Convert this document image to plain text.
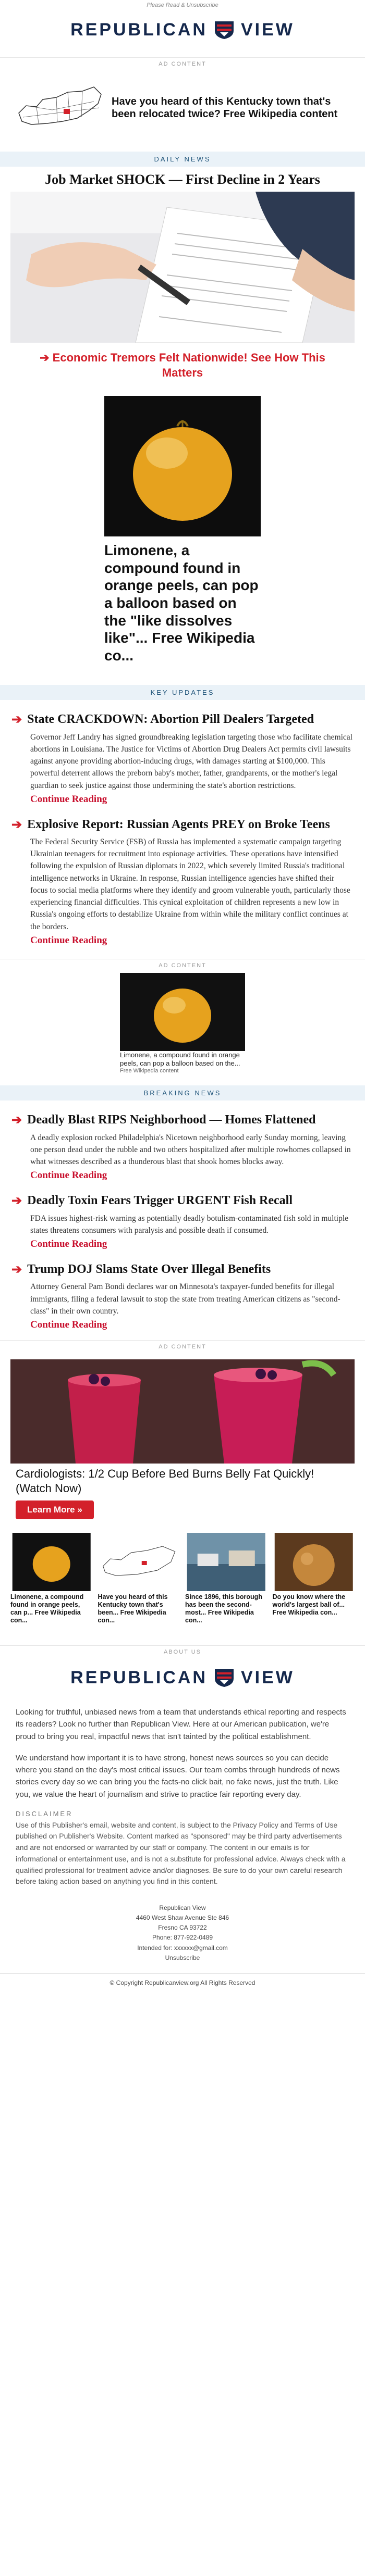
Please Read & Unsubscribe
REPUBLICAN VIEW
AD CONTENT
Have you heard of this Kentucky town that's been relocated twice? Free Wikipedia content
DAILY NEWS
Job Market SHOCK — First Decline in 2 Years
➔ Economic Tremors Felt Nationwide! See How This Matters
Limonene, a compound found in orange peels, can pop a balloon based on the "like dissolves like"... Free Wikipedia co...
KEY UPDATES
➔ State CRACKDOWN: Abortion Pill Dealers Targeted

Governor Jeff Landry has signed groundbreaking legislation targeting those who facilitate chemical abortions in Louisiana. The Justice for Victims of Abortion Drug Dealers Act permits civil lawsuits against anyone providing abortion-inducing drugs, with damages starting at $100,000. This powerful deterrent allows the preborn baby's mother, father, grandparents, or the mother's legal guardian to seek justice against those undermining the state's abortion restrictions.

Continue Reading
➔ Explosive Report: Russian Agents PREY on Broke Teens

The Federal Security Service (FSB) of Russia has implemented a systematic campaign targeting Ukrainian teenagers for recruitment into espionage activities. These operations have intensified following the expulsion of Russian diplomats in 2022, which severely limited Russia's traditional intelligence networks in Ukraine. In response, Russian intelligence agencies have shifted their focus to social media platforms where they identify and groom vulnerable youth, particularly those experiencing financial difficulties. This cynical exploitation of children represents a new low in Russia's ongoing efforts to destabilize Ukraine from within while the military conflict continues at the borders.

Continue Reading
AD CONTENT
Limonene, a compound found in orange peels, can pop a balloon based on the...
Free Wikipedia content
BREAKING NEWS
➔ Deadly Blast RIPS Neighborhood — Homes Flattened

A deadly explosion rocked Philadelphia's Nicetown neighborhood early Sunday morning, leaving one person dead under the rubble and two others hospitalized after multiple rowhomes collapsed in what witnesses described as a thunderous blast that shook homes blocks away.

Continue Reading
➔ Deadly Toxin Fears Trigger URGENT Fish Recall

FDA issues highest-risk warning as potentially deadly botulism-contaminated fish sold in multiple states threatens consumers with paralysis and possible death if consumed.

Continue Reading
➔ Trump DOJ Slams State Over Illegal Benefits

Attorney General Pam Bondi declares war on Minnesota's taxpayer-funded benefits for illegal immigrants, filing a federal lawsuit to stop the state from treating American citizens as "second-class" in their own country.

Continue Reading
AD CONTENT
Cardiologists: 1/2 Cup Before Bed Burns Belly Fat Quickly!(Watch Now)
Learn More »
Limonene, a compound found in orange peels, can p... Free Wikipedia con...
Have you heard of this Kentucky town that's been... Free Wikipedia con...
Since 1896, this borough has been the second-most... Free Wikipedia con...
Do you know where the world's largest ball of... Free Wikipedia con...
ABOUT US
REPUBLICAN VIEW

Looking for truthful, unbiased news from a team that understands ethical reporting and respects its readers? Look no further than Republican View. Here at our American publication, we're proud to bring you real, impactful news that isn't tainted by the political establishment.

We understand how important it is to have strong, honest news sources so you can decide where you stand on the day's most critical issues. Our team combs through hundreds of news stories every day so we can bring you the facts-no click bait, no fake news, just the truth. Like you, we value the heart of journalism and strive to practice fair reporting every day.

DISCLAIMER

Use of this Publisher's email, website and content, is subject to the Privacy Policy and Terms of Use published on Publisher's Website. Content marked as "sponsored" may be third party advertisements and are not endorsed or warranted by our staff or company. The content in our emails is for informational or entertainment use, and is not a substitute for professional advice. Always check with a qualified professional for treatment advice and/or diagnoses. Be sure to do your own careful research before taking action based on anything you find in this content.

Republican View
4460 West Shaw Avenue Ste 846
Fresno CA 93722
Phone: 877-922-0489
Intended for: xxxxxx@gmail.com
Unsubscribe
© Copyright Republicanview.org All Rights Reserved
